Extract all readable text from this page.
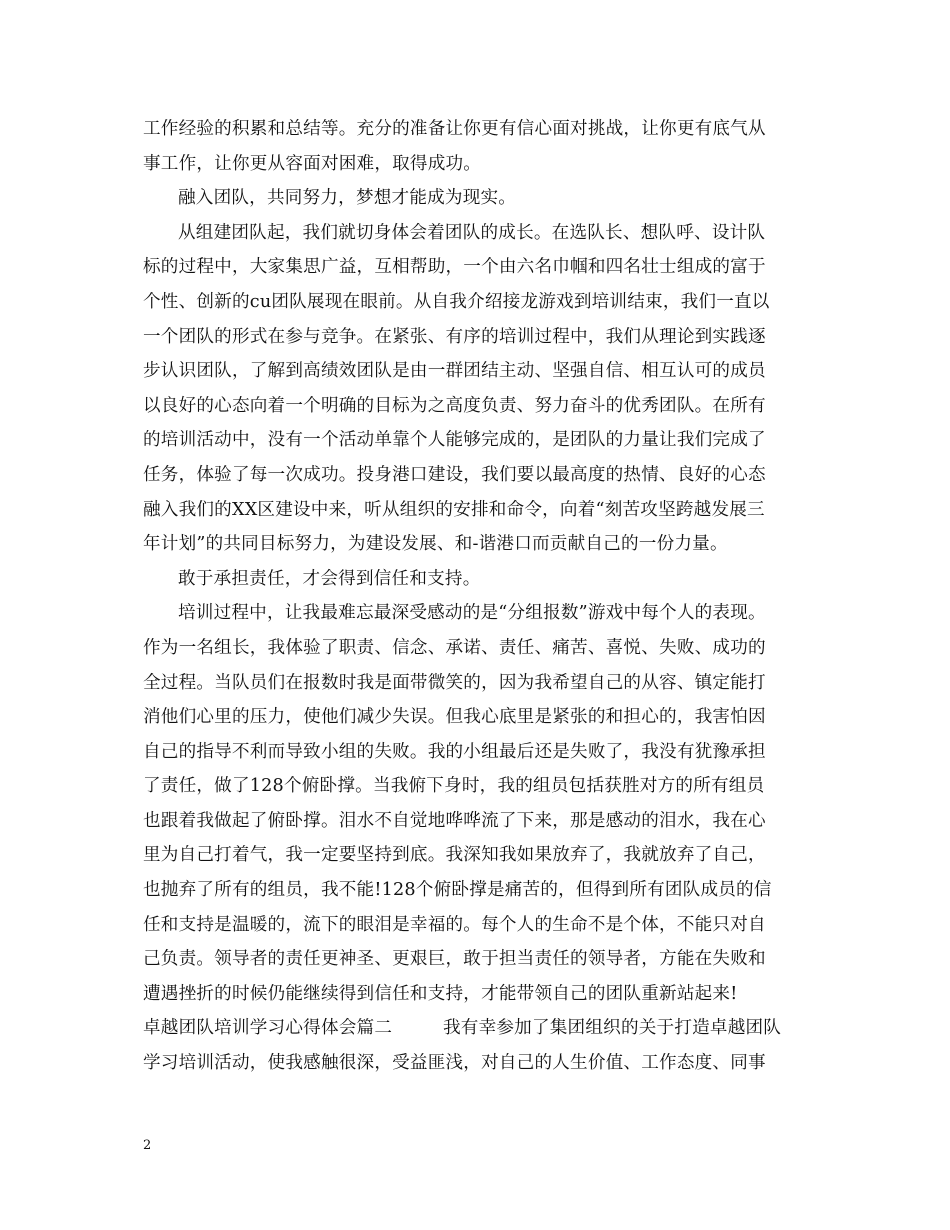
工作经验的积累和总结等。充分的准备让你更有信心面对挑战，让你更有底气从
事工作，让你更从容面对困难，取得成功。
融入团队，共同努力，梦想才能成为现实。
从组建团队起，我们就切身体会着团队的成长。在选队长、想队呼、设计队
标的过程中，大家集思广益，互相帮助，一个由六名巾帼和四名壮士组成的富于
个性、创新的cu团队展现在眼前。从自我介绍接龙游戏到培训结束，我们一直以
一个团队的形式在参与竞争。在紧张、有序的培训过程中，我们从理论到实践逐
步认识团队，了解到高绩效团队是由一群团结主动、坚强自信、相互认可的成员
以良好的心态向着一个明确的目标为之高度负责、努力奋斗的优秀团队。在所有
的培训活动中，没有一个活动单靠个人能够完成的，是团队的力量让我们完成了
任务，体验了每一次成功。投身港口建设，我们要以最高度的热情、良好的心态
融入我们的XX区建设中来，听从组织的安排和命令，向着“刻苦攻坚跨越发展三
年计划”的共同目标努力，为建设发展、和-谐港口而贡献自己的一份力量。
敢于承担责任，才会得到信任和支持。
培训过程中，让我最难忘最深受感动的是“分组报数”游戏中每个人的表现。
作为一名组长，我体验了职责、信念、承诺、责任、痛苦、喜悦、失败、成功的
全过程。当队员们在报数时我是面带微笑的，因为我希望自己的从容、镇定能打
消他们心里的压力，使他们减少失误。但我心底里是紧张的和担心的，我害怕因
自己的指导不利而导致小组的失败。我的小组最后还是失败了，我没有犹豫承担
了责任，做了128个俯卧撑。当我俯下身时，我的组员包括获胜对方的所有组员
也跟着我做起了俯卧撑。泪水不自觉地哗哗流了下来，那是感动的泪水，我在心
里为自己打着气，我一定要坚持到底。我深知我如果放弃了，我就放弃了自己，
也抛弃了所有的组员，我不能!128个俯卧撑是痛苦的，但得到所有团队成员的信
任和支持是温暖的，流下的眼泪是幸福的。每个人的生命不是个体，不能只对自
己负责。领导者的责任更神圣、更艰巨，敢于担当责任的领导者，方能在失败和
遭遇挫折的时候仍能继续得到信任和支持，才能带领自己的团队重新站起来!
卓越团队培训学习心得体会篇二	我有幸参加了集团组织的关于打造卓越团队
学习培训活动，使我感触很深，受益匪浅，对自己的人生价值、工作态度、同事
2
